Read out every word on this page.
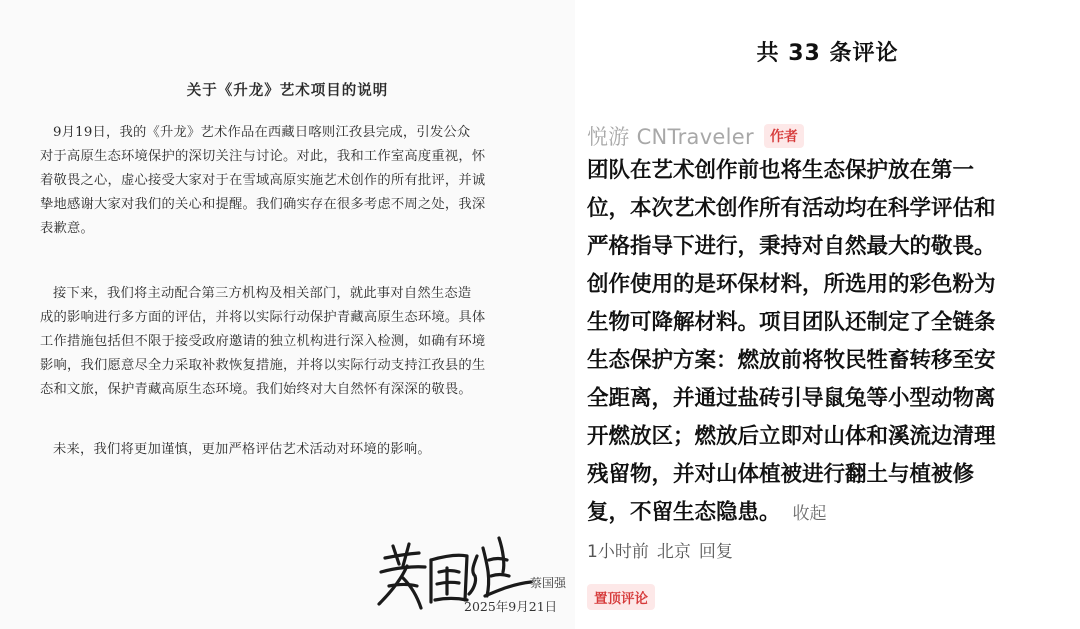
关于《升龙》艺术项目的说明
9月19日，我的《升龙》艺术作品在西藏日喀则江孜县完成，引发公众
对于高原生态环境保护的深切关注与讨论。对此，我和工作室高度重视，怀
着敬畏之心，虚心接受大家对于在雪域高原实施艺术创作的所有批评，并诚
挚地感谢大家对我们的关心和提醒。我们确实存在很多考虑不周之处，我深
表歉意。
接下来，我们将主动配合第三方机构及相关部门，就此事对自然生态造
成的影响进行多方面的评估，并将以实际行动保护青藏高原生态环境。具体
工作措施包括但不限于接受政府邀请的独立机构进行深入检测，如确有环境
影响，我们愿意尽全力采取补救恢复措施，并将以实际行动支持江孜县的生
态和文旅，保护青藏高原生态环境。我们始终对大自然怀有深深的敬畏。
未来，我们将更加谨慎，更加严格评估艺术活动对环境的影响。
蔡国强
2025年9月21日
共 33 条评论
悦游 CNTraveler	作者
团队在艺术创作前也将生态保护放在第一
位，本次艺术创作所有活动均在科学评估和
严格指导下进行，秉持对自然最大的敬畏。
创作使用的是环保材料，所选用的彩色粉为
生物可降解材料。项目团队还制定了全链条
生态保护方案：燃放前将牧民牲畜转移至安
全距离，并通过盐砖引导鼠兔等小型动物离
开燃放区；燃放后立即对山体和溪流边清理
残留物，并对山体植被进行翻土与植被修
复，不留生态隐患。 收起
1小时前 北京 回复
置顶评论
